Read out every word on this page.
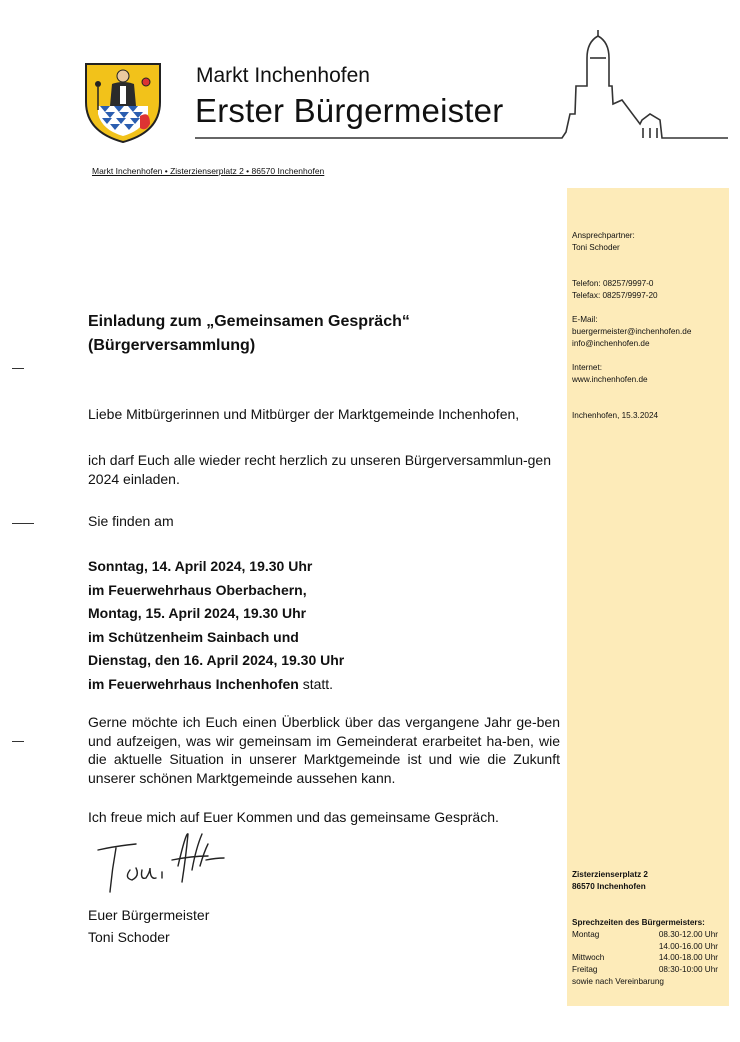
Markt Inchenhofen
Erster Bürgermeister
Markt Inchenhofen • Zisterzienserplatz 2 • 86570 Inchenhofen
Ansprechpartner:
Toni Schoder
Telefon: 08257/9997-0
Telefax: 08257/9997-20
E-Mail:
buergermeister@inchenhofen.de
info@inchenhofen.de
Internet:
www.inchenhofen.de
Inchenhofen, 15.3.2024
Zisterzienserplatz 2
86570 Inchenhofen
Sprechzeiten des Bürgermeisters:
Montag	08.30-12.00 Uhr
14.00-16.00 Uhr
Mittwoch	14.00-18.00 Uhr
Freitag	08:30-10:00 Uhr
sowie nach Vereinbarung
Einladung zum „Gemeinsamen Gespräch“
(Bürgerversammlung)
Liebe Mitbürgerinnen und Mitbürger der Marktgemeinde Inchenhofen,
ich darf Euch alle wieder recht herzlich zu unseren Bürgerversammlun-gen 2024 einladen.
Sie finden am
Sonntag, 14. April 2024, 19.30 Uhr
im Feuerwehrhaus Oberbachern,
Montag, 15. April 2024, 19.30 Uhr
im Schützenheim Sainbach und
Dienstag, den 16. April 2024, 19.30 Uhr
im Feuerwehrhaus Inchenhofen statt.
Gerne möchte ich Euch einen Überblick über das vergangene Jahr ge-ben und aufzeigen, was wir gemeinsam im Gemeinderat erarbeitet ha-ben, wie die aktuelle Situation in unserer Marktgemeinde ist und wie die Zukunft unserer schönen Marktgemeinde aussehen kann.
Ich freue mich auf Euer Kommen und das gemeinsame Gespräch.
Euer Bürgermeister
Toni Schoder
